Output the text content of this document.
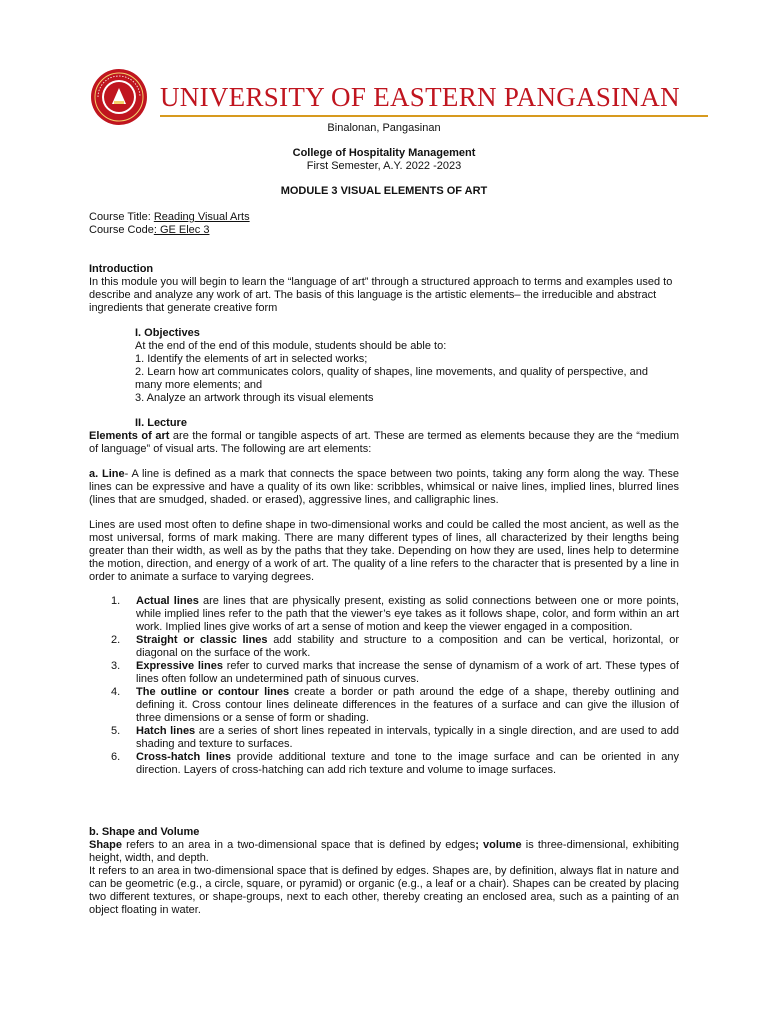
UNIVERSITY OF EASTERN PANGASINAN
Binalonan, Pangasinan
College of Hospitality Management
First Semester, A.Y. 2022 -2023
MODULE 3 VISUAL ELEMENTS OF ART

Course Title: Reading Visual Arts

Course Code: GE Elec 3

Introduction

In this module you will begin to learn the “language of art” through a structured approach to terms and examples used to describe and analyze any work of art. The basis of this language is the artistic elements– the irreducible and abstract ingredients that generate creative form

I. Objectives

At the end of the end of this module, students should be able to:

1. Identify the elements of art in selected works;

2. Learn how art communicates colors, quality of shapes, line movements, and quality of perspective, and many more elements; and

3. Analyze an artwork through its visual elements

II. Lecture
Elements of art are the formal or tangible aspects of art. These are termed as elements because they are the “medium of language” of visual arts. The following are art elements:
a. Line- A line is defined as a mark that connects the space between two points, taking any form along the way. These lines can be expressive and have a quality of its own like: scribbles, whimsical or naive lines, implied lines, blurred lines (lines that are smudged, shaded. or erased), aggressive lines, and calligraphic lines.
Lines are used most often to define shape in two-dimensional works and could be called the most ancient, as well as the most universal, forms of mark making. There are many different types of lines, all characterized by their lengths being greater than their width, as well as by the paths that they take. Depending on how they are used, lines help to determine the motion, direction, and energy of a work of art. The quality of a line refers to the character that is presented by a line in order to animate a surface to varying degrees.
1. Actual lines are lines that are physically present, existing as solid connections between one or more points, while implied lines refer to the path that the viewer’s eye takes as it follows shape, color, and form within an art work. Implied lines give works of art a sense of motion and keep the viewer engaged in a composition.
2. Straight or classic lines add stability and structure to a composition and can be vertical, horizontal, or diagonal on the surface of the work.
3. Expressive lines refer to curved marks that increase the sense of dynamism of a work of art. These types of lines often follow an undetermined path of sinuous curves.
4. The outline or contour lines create a border or path around the edge of a shape, thereby outlining and defining it. Cross contour lines delineate differences in the features of a surface and can give the illusion of three dimensions or a sense of form or shading.
5. Hatch lines are a series of short lines repeated in intervals, typically in a single direction, and are used to add shading and texture to surfaces.
6. Cross-hatch lines provide additional texture and tone to the image surface and can be oriented in any direction. Layers of cross-hatching can add rich texture and volume to image surfaces.
b. Shape and Volume
Shape refers to an area in a two-dimensional space that is defined by edges; volume is three-dimensional, exhibiting height, width, and depth.
It refers to an area in two-dimensional space that is defined by edges. Shapes are, by definition, always flat in nature and can be geometric (e.g., a circle, square, or pyramid) or organic (e.g., a leaf or a chair). Shapes can be created by placing two different textures, or shape-groups, next to each other, thereby creating an enclosed area, such as a painting of an object floating in water.
